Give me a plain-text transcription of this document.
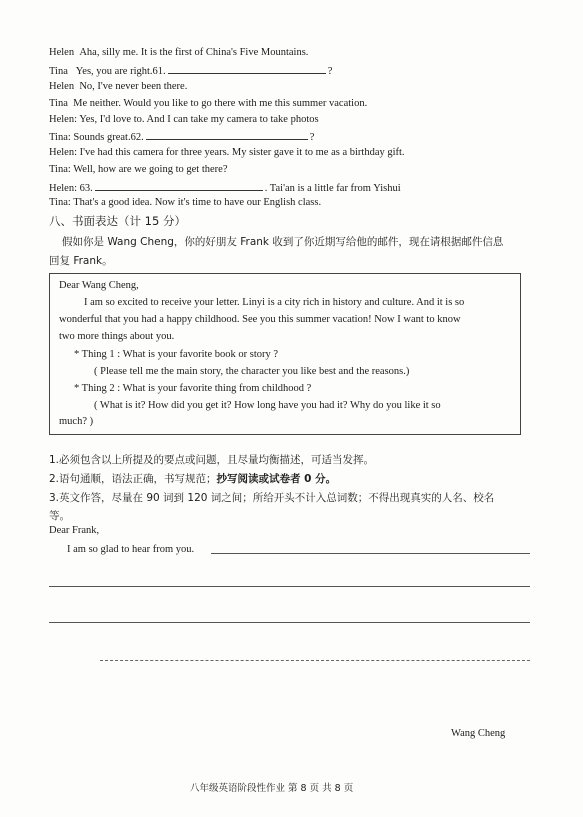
Helen Aha, silly me. It is the first of China's Five Mountains.
Tina Yes, you are right.61.	?
Helen No, I've never been there.
Tina Me neither. Would you like to go there with me this summer vacation.
Helen: Yes, I'd love to. And I can take my camera to take photos
Tina: Sounds great.62.	?
Helen: I've had this camera for three years. My sister gave it to me as a birthday gift.
Tina: Well, how are we going to get there?
Helen: 63.	. Tai'an is a little far from Yishui
Tina: That's a good idea. Now it's time to have our English class.
八、书面表达（计 15 分）
假如你是 Wang Cheng，你的好朋友 Frank 收到了你近期写给他的邮件，现在请根据邮件信息
回复 Frank。
Dear Wang Cheng,
I am so excited to receive your letter. Linyi is a city rich in history and culture. And it is so
wonderful that you had a happy childhood. See you this summer vacation! Now I want to know
two more things about you.
* Thing 1 : What is your favorite book or story ?
( Please tell me the main story, the character you like best and the reasons.)
* Thing 2 : What is your favorite thing from childhood ?
( What is it? How did you get it? How long have you had it? Why do you like it so
much? )
1.必须包含以上所提及的要点或问题，且尽量均衡描述，可适当发挥。
2.语句通顺，语法正确，书写规范；抄写阅读或试卷者 0 分。
3.英文作答，尽量在 90 词到 120 词之间；所给开头不计入总词数；不得出现真实的人名、校名
等。
Dear Frank,
I am so glad to hear from you.
Wang Cheng
八年级英语阶段性作业 第 8 页 共 8 页
